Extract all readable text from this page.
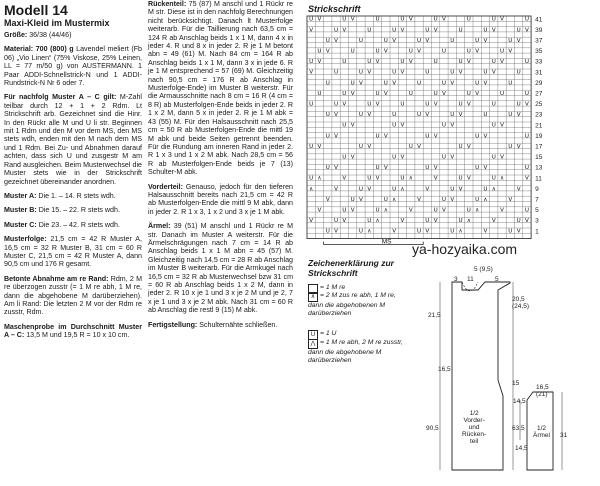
Modell 14
Maxi-Kleid im Mustermix

Größe: 36/38 (44/46)

Material: 700 (800) g Lavendel meliert (Fb 06) „Vio Linen“ (75% Viskose, 25% Leinen, LL = 77 m/50 g) von AUSTERMANN. 1 Paar ADDI-Schnellstrick-N und 1 ADDI-Rundstrick-N Nr 6 oder 7.

Für nachfolg Muster A – C gilt: M-Zahl teilbar durch 12 + 1 + 2 Rdm. Lt Strickschrift arb. Gezeichnet sind die Hinr. In den Rückr alle M und U li str. Beginnen mit 1 Rdm und den M vor dem MS, den MS stets wdh, enden mit den M nach dem MS und 1 Rdm. Bei Zu- und Abnahmen darauf achten, dass sich U und zusgestr M am Rand ausgleichen. Beim Musterwechsel die Muster stets wie in der Strickschrift gezeichnet übereinander anordnen.

Muster A: Die 1. – 14. R stets wdh.

Muster B: Die 15. – 22. R stets wdh.

Muster C: Die 23. – 42. R stets wdh.

Musterfolge: 21,5 cm = 42 R Muster A, 16,5 cm = 32 R Muster B, 31 cm = 60 R Muster C, 21,5 cm = 42 R Muster A, dann 90,5 cm und 176 R gesamt.

Betonte Abnahme am re Rand: Rdm, 2 M re überzogen zusstr (= 1 M re abh, 1 M re, dann die abgehobene M darüberziehen). Am li Rand: Die letzten 2 M vor der Rdm re zusstr, Rdm.

Maschenprobe im Durchschnitt Muster A – C: 13,5 M und 19,5 R = 10 x 10 cm.

Rückenteil: 75 (87) M anschl und 1 Rückr re M str. Diese ist in den nachfolg Berechnungen nicht berücksichtigt. Danach lt Musterfolge weiterarb. Für die Taillierung nach 63,5 cm = 124 R ab Anschlag beids 1 x 1 M, dann 4 x in jeder 4. R und 8 x in jeder 2. R je 1 M betont abn = 49 (61) M. Nach 84 cm = 164 R ab Anschlag beids 1 x 1 M, dann 3 x in jede 6. R je 1 M entsprechend = 57 (69) M. Gleichzeitig nach 90,5 cm = 176 R ab Anschlag in Musterfolge-Ende) im Muster B weiterstr. Für die Armausschnitte nach 8 cm = 16 R (4 cm = 8 R) ab Musterfolgen-Ende beids in jeder 2. R 1 x 2 M, dann 5 x in jeder 2. R je 1 M abk = 43 (55) M. Für den Halsausschnitt nach 25,5 cm = 50 R ab Musterfolgen-Ende die mittl 19 M abk und beide Seiten getrennt beenden. Für die Rundung am inneren Rand in jeder 2. R 1 x 3 und 1 x 2 M abk. Nach 28,5 cm = 56 R ab Musterfolgen-Ende beids je 7 (13) Schulter-M abk.

Vorderteil: Genauso, jedoch für den tieferen Halsausschnitt bereits nach 21,5 cm = 42 R ab Musterfolgen-Ende die mittl 9 M abk, dann in jeder 2. R 1 x 3, 1 x 2 und 3 x je 1 M abk.

Ärmel: 39 (51) M anschl und 1 Rückr re M str. Danach im Muster A weiterstr. Für die Ärmelschrägungen nach 7 cm = 14 R ab Anschlag beids 1 x 1 M abn = 45 (57) M. Gleichzeitig nach 14,5 cm = 28 R ab Anschlag im Muster B weiterarb. Für die Armkugel nach 16,5 cm = 32 R ab Musterwechsel bzw 31 cm = 60 R ab Anschlag beids 1 x 2 M, dann in jeder 2. R 10 x je 1 und 3 x je 2 M und je 2, 7 x je 1 und 3 x je 2 M abk. Nach 31 cm = 60 R ab Anschlag die restl 9 (15) M abk.

Fertigstellung: Schulternähte schließen.

Strickschrift
U V	U V	U	U V	U V	U	U V	U
V	U V	U	U V	U V	U	U V	U V
U V	U	U V	U V	U	U V	U V
U V	U	U V	U V	U	U V	U V
U V	U	U V	U V	U	U V	U V	U
V	U	U V	U V	U	U V	U V	U
U	U V	U V	U	U V	U V	U
U	U V	U V	U	U V	U V	U	U
U	U V	U V	U	U V	U V	U	U V
U V	U V	U	U V	U V	U	U V
U V	U V	U V	U V
U V	U V	U V	U V	U
U V	U V	U V	U V	U V
U V	U V	U V	U V
U V	U V	U V	U V	U
U ∧	V	U V	U ∧	V	U V	U ∧	V
∧	V	U V	U ∧	V	U V	U ∧	V
V	U V	U ∧	V	U V	U ∧	V
V	U V	U ∧	V	U V	U ∧	V	U
V	U V	U ∧	V	U V	U ∧	V	U V
U V	U ∧	V	U V	U ∧	V	U V
MS
41
39
37
35
33
31
29
27
25
23
21
19
17
15
13
11
9
7
5
3
1
Zeichenerklärung zur Strickschrift
= 1 M re
∧ = 2 M zus re abh, 1 M re, dann die abgehobenen M darüberziehen
U = 1 U
⋀ = 1 M re abh, 2 M re zusstr, dann die abgehobene M darüberziehen
ya-hozyaika.com
1/2
Vorder-
und
Rücken-
teil
1/2
Ärmel
5 (9,5)
11	5
3
20,5
(24,5)
63,5
15
21,5
90,5
16,5
14,5
16,5
(21)
31
14,5
